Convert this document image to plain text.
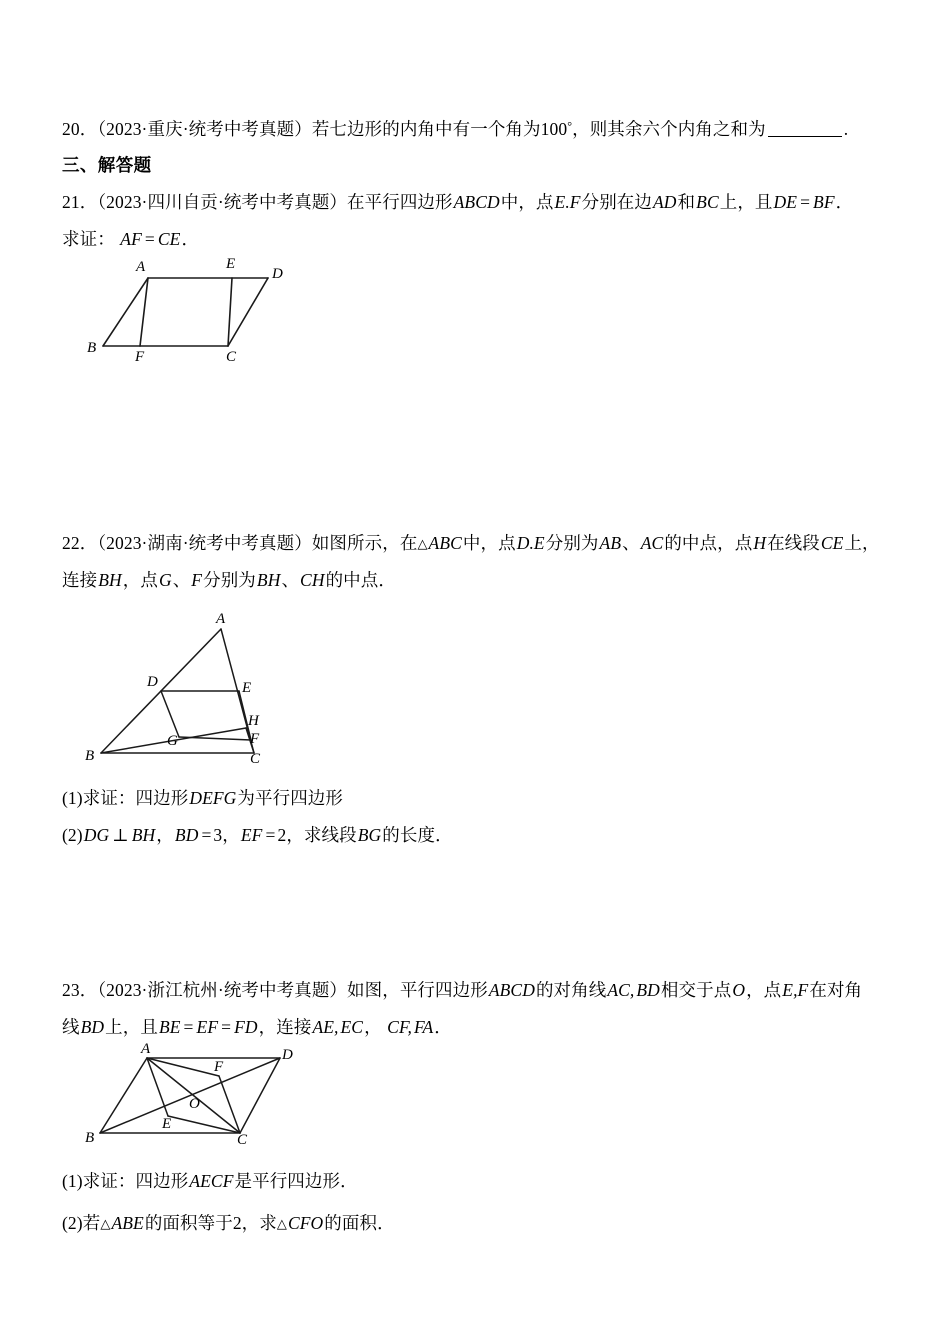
20．（2023·重庆·统考中考真题）若七边形的内角中有一个角为100°，则其余六个内角之和为	.
三、解答题
21．（2023·四川自贡·统考中考真题）在平行四边形ABCD中，点E.F分别在边AD和BC上，且DE = BF．
求证： AF = CE．
A	E
D
B
F	C
22．（2023·湖南·统考中考真题）如图所示，在△ABC中，点D.E分别为AB、AC的中点，点H在线段CE上，
连接BH，点G、F分别为BH、CH的中点．
A
D	E
G
H
F
B	C
(1)求证：四边形DEFG为平行四边形
(2)DG ⊥ BH，BD = 3，EF = 2，求线段BG的长度．
23．（2023·浙江杭州·统考中考真题）如图，平行四边形ABCD的对角线AC, BD相交于点O，点E,F在对角
线BD上，且BE = EF = FD，连接AE, EC， CF, FA．
A	D
F
O
E
B	C
(1)求证：四边形AECF是平行四边形．
(2)若△ABE的面积等于2，求△CFO的面积．
